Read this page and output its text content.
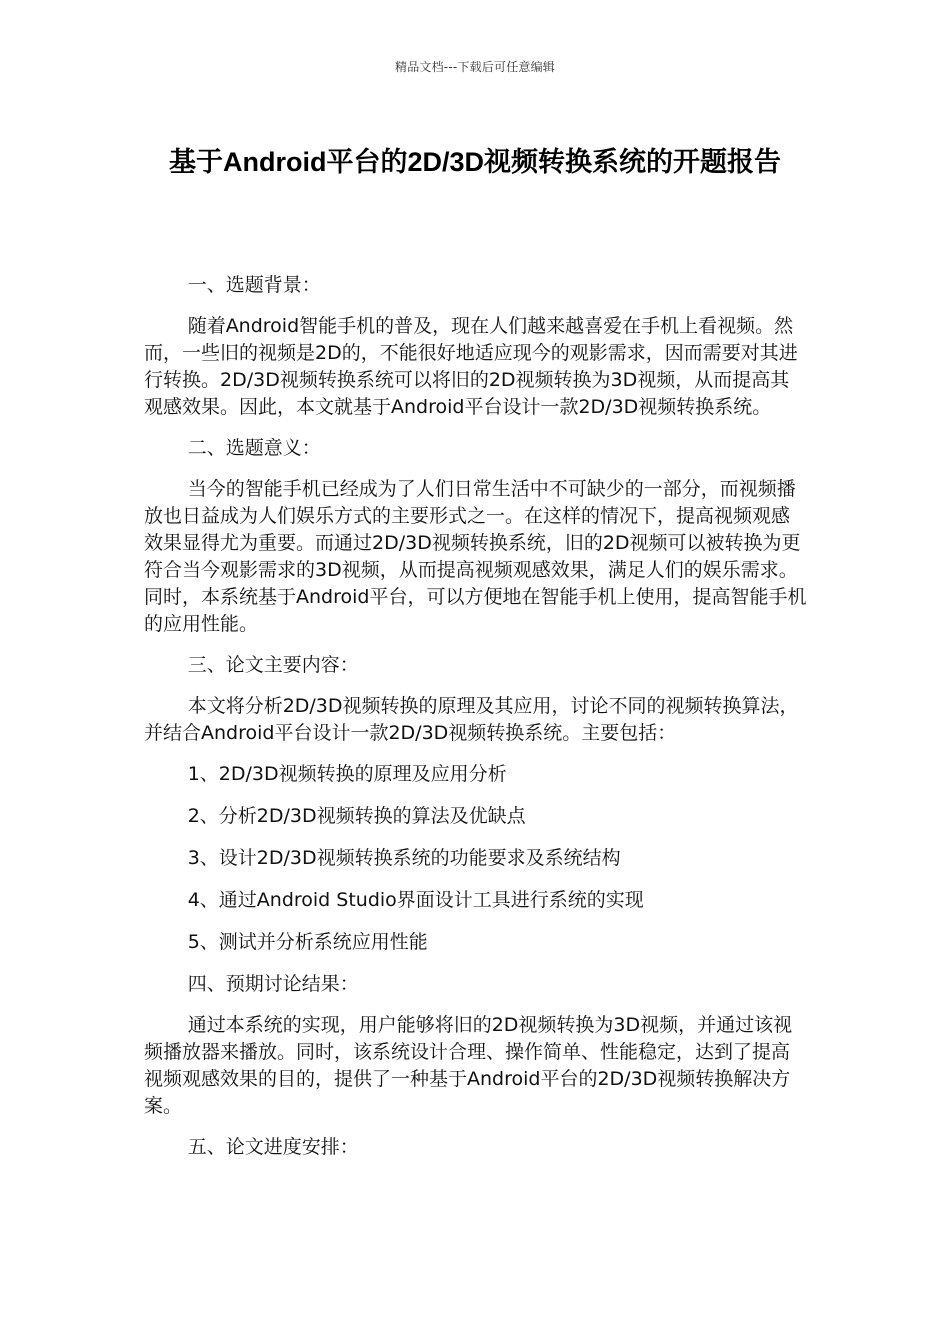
精品文档---下载后可任意编辑
基于Android平台的2D/3D视频转换系统的开题报告

一、选题背景：

随着Android智能手机的普及，现在人们越来越喜爱在手机上看视频。然而，一些旧的视频是2D的，不能很好地适应现今的观影需求，因而需要对其进行转换。2D/3D视频转换系统可以将旧的2D视频转换为3D视频，从而提高其观感效果。因此，本文就基于Android平台设计一款2D/3D视频转换系统。

二、选题意义：

当今的智能手机已经成为了人们日常生活中不可缺少的一部分，而视频播放也日益成为人们娱乐方式的主要形式之一。在这样的情况下，提高视频观感效果显得尤为重要。而通过2D/3D视频转换系统，旧的2D视频可以被转换为更符合当今观影需求的3D视频，从而提高视频观感效果，满足人们的娱乐需求。同时，本系统基于Android平台，可以方便地在智能手机上使用，提高智能手机的应用性能。

三、论文主要内容：

本文将分析2D/3D视频转换的原理及其应用，讨论不同的视频转换算法，并结合Android平台设计一款2D/3D视频转换系统。主要包括：

1、2D/3D视频转换的原理及应用分析

2、分析2D/3D视频转换的算法及优缺点

3、设计2D/3D视频转换系统的功能要求及系统结构

4、通过Android Studio界面设计工具进行系统的实现

5、测试并分析系统应用性能

四、预期讨论结果：

通过本系统的实现，用户能够将旧的2D视频转换为3D视频，并通过该视频播放器来播放。同时，该系统设计合理、操作简单、性能稳定，达到了提高视频观感效果的目的，提供了一种基于Android平台的2D/3D视频转换解决方案。

五、论文进度安排：
